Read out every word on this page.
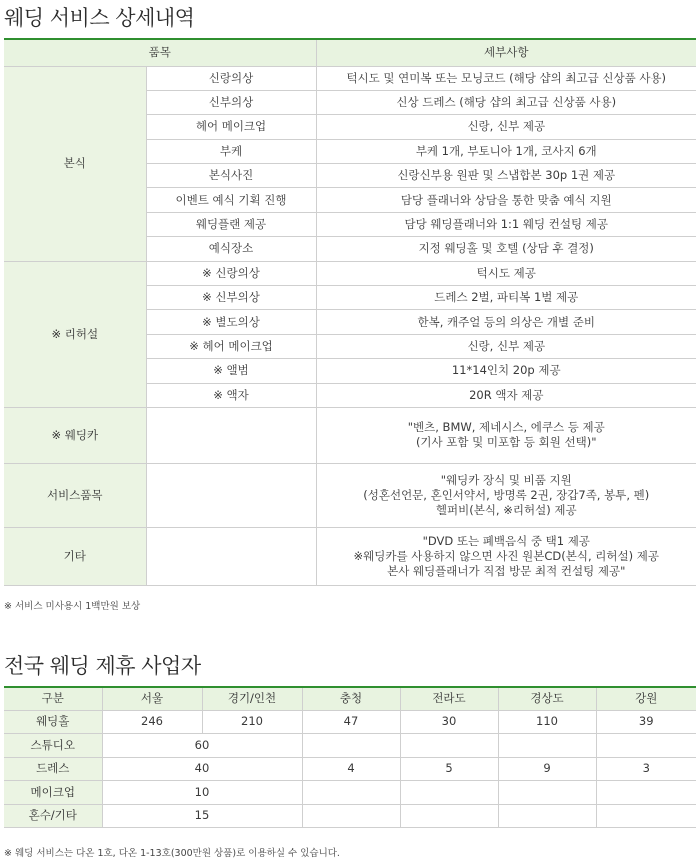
웨딩 서비스 상세내역
품목		세부사항
본식	신랑의상	턱시도 및 연미복 또는 모닝코드 (해당 샵의 최고급 신상품 사용)
	신부의상	신상 드레스 (해당 샵의 최고급 신상품 사용)
	헤어 메이크업	신랑, 신부 제공
	부케	부케 1개, 부토니아 1개, 코사지 6개
	본식사진	신랑신부용 원판 및 스냅합본 30p 1권 제공
	이벤트 예식 기획 진행	담당 플래너와 상담을 통한 맞춤 예식 지원
	웨딩플랜 제공	담당 웨딩플래너와 1:1 웨딩 컨설팅 제공
	예식장소	지정 웨딩홀 및 호텔 (상담 후 결정)
※ 리허설	※ 신랑의상	턱시도 제공
	※ 신부의상	드레스 2벌, 파티복 1벌 제공
	※ 별도의상	한복, 캐주얼 등의 의상은 개별 준비
	※ 헤어 메이크업	신랑, 신부 제공
	※ 앨범	11*14인치 20p 제공
	※ 액자	20R 액자 제공
※ 웨딩카		"벤츠, BMW, 제네시스, 에쿠스 등 제공
(기사 포함 및 미포함 등 회원 선택)"

서비스품목		"웨딩카 장식 및 비품 지원
(성혼선언문, 혼인서약서, 방명록 2권, 장갑7족, 봉투, 펜)
헬퍼비(본식, ※리허설) 제공

기타		"DVD 또는 폐백음식 중 택1 제공
※웨딩카를 사용하지 않으면 사진 원본CD(본식, 리허설) 제공
본사 웨딩플래너가 직접 방문 최적 컨설팅 제공"
※ 서비스 미사용시 1백만원 보상
전국 웨딩 제휴 사업자
구분	서울	경기/인천	충청	전라도	경상도	강원
웨딩홀	246	210	47	30	110	39
스튜디오	60					
드레스	40		4	5	9	3
메이크업	10					
혼수/기타	15					
※ 웨딩 서비스는 다온 1호, 다온 1-13호(300만원 상품)로 이용하실 수 있습니다.
